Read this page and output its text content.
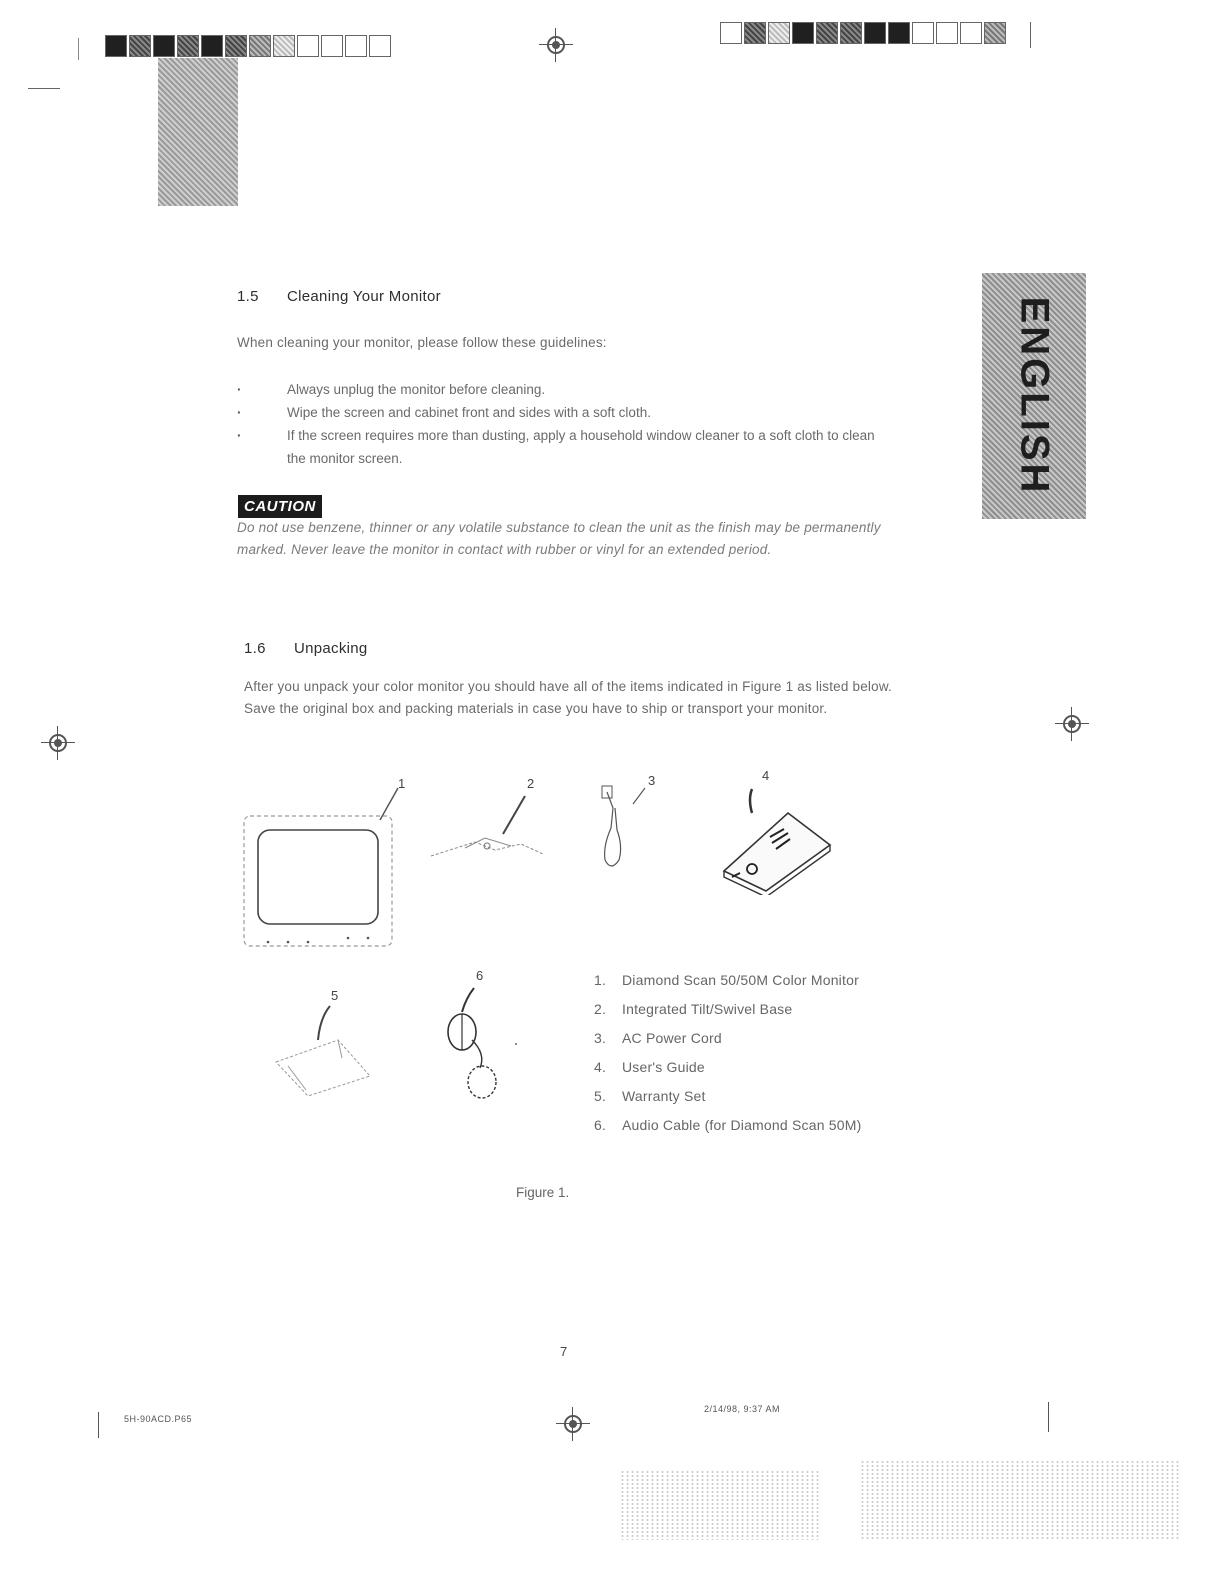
1.5 Cleaning Your Monitor
When cleaning your monitor, please follow these guidelines:
· Always unplug the monitor before cleaning.
· Wipe the screen and cabinet front and sides with a soft cloth.
· If the screen requires more than dusting, apply a household window cleaner to a soft cloth to clean the monitor screen.
CAUTION
Do not use benzene, thinner or any volatile substance to clean the unit as the finish may be permanently marked. Never leave the monitor in contact with rubber or vinyl for an extended period.
ENGLISH
1.6 Unpacking
After you unpack your color monitor you should have all of the items indicated in Figure 1 as listed below. Save the original box and packing materials in case you have to ship or transport your monitor.
1	2	3	4
5
6	1. Diamond Scan 50/50M Color Monitor
2. Integrated Tilt/Swivel Base
3. AC Power Cord
4. User's Guide
5. Warranty Set
6. Audio Cable (for Diamond Scan 50M)
Figure 1.
7
5H-90ACD.P65
2/14/98, 9:37 AM
